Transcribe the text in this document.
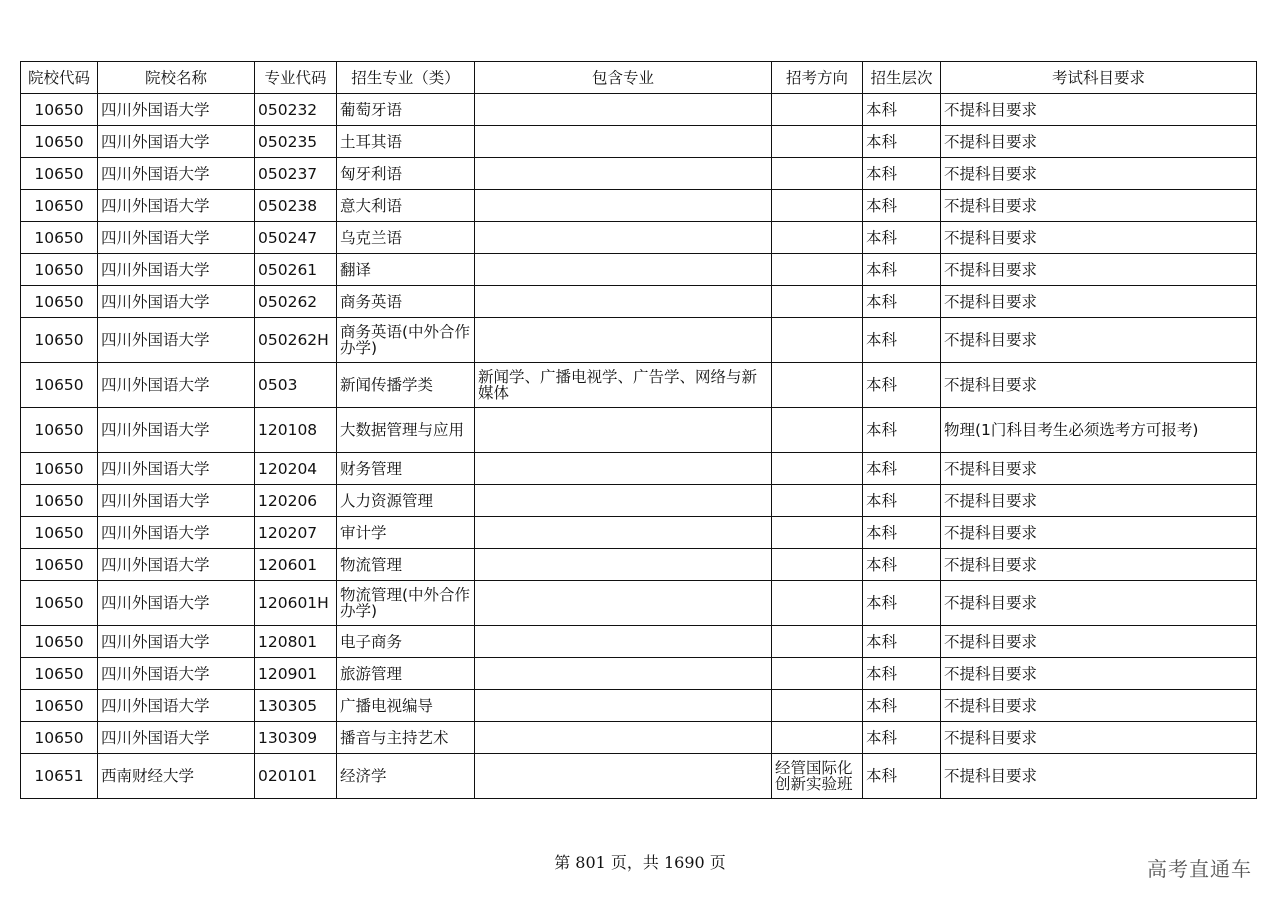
院校代码	院校名称	专业代码	招生专业（类）	包含专业	招考方向	招生层次	考试科目要求

10650	四川外国语大学	050232	葡萄牙语			本科	不提科目要求

10650	四川外国语大学	050235	土耳其语			本科	不提科目要求

10650	四川外国语大学	050237	匈牙利语			本科	不提科目要求

10650	四川外国语大学	050238	意大利语			本科	不提科目要求

10650	四川外国语大学	050247	乌克兰语			本科	不提科目要求

10650	四川外国语大学	050261	翻译			本科	不提科目要求

10650	四川外国语大学	050262	商务英语			本科	不提科目要求

10650	四川外国语大学	050262H	商务英语(中外合作办学)			本科	不提科目要求

10650	四川外国语大学	0503	新闻传播学类	新闻学、广播电视学、广告学、网络与新媒体		本科	不提科目要求

10650	四川外国语大学	120108	大数据管理与应用			本科	物理(1门科目考生必须选考方可报考)

10650	四川外国语大学	120204	财务管理			本科	不提科目要求

10650	四川外国语大学	120206	人力资源管理			本科	不提科目要求

10650	四川外国语大学	120207	审计学			本科	不提科目要求

10650	四川外国语大学	120601	物流管理			本科	不提科目要求

10650	四川外国语大学	120601H	物流管理(中外合作办学)			本科	不提科目要求

10650	四川外国语大学	120801	电子商务			本科	不提科目要求

10650	四川外国语大学	120901	旅游管理			本科	不提科目要求

10650	四川外国语大学	130305	广播电视编导			本科	不提科目要求

10650	四川外国语大学	130309	播音与主持艺术			本科	不提科目要求

10651	西南财经大学	020101	经济学		经管国际化创新实验班	本科	不提科目要求
第 801 页，共 1690 页	高考直通车
